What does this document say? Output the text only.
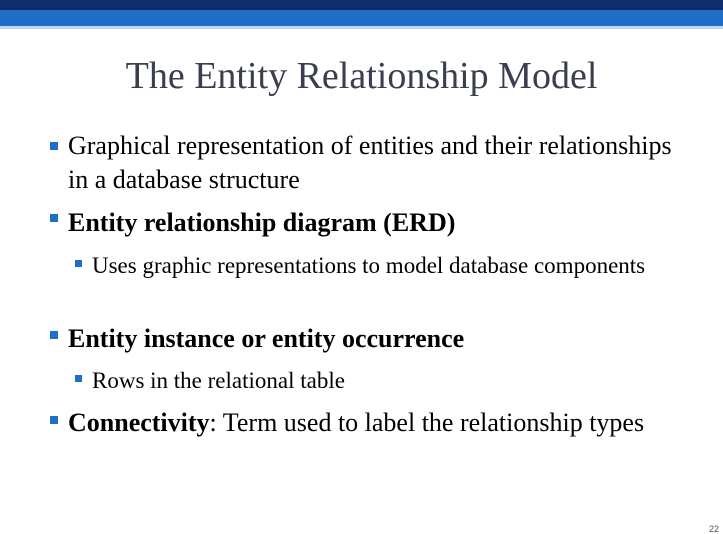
The Entity Relationship Model
Graphical representation of entities and their relationships in a database structure
Entity relationship diagram (ERD)
Uses graphic representations to model database components
Entity instance or entity occurrence
Rows in the relational table
Connectivity: Term used to label the relationship types
22
